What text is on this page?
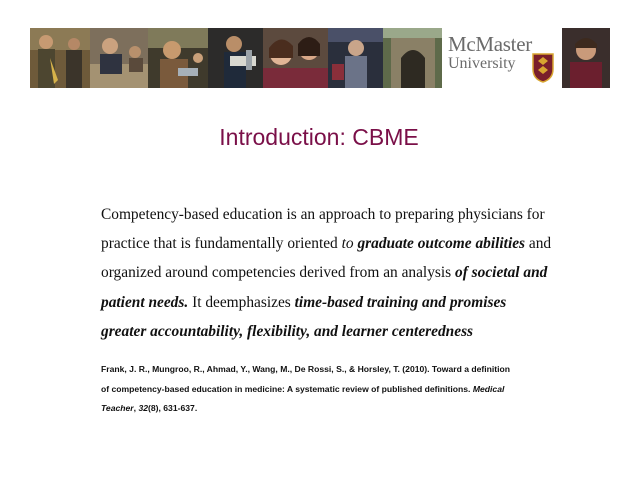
McMaster
University
Introduction: CBME
Competency-based education is an approach to preparing physicians for
practice that is fundamentally oriented to graduate outcome abilities and
organized around competencies derived from an analysis of societal and
patient needs. It deemphasizes time-based training and promises
greater accountability, flexibility, and learner centeredness
Frank, J. R., Mungroo, R., Ahmad, Y., Wang, M., De Rossi, S., & Horsley, T. (2010). Toward a definition
of competency-based education in medicine: A systematic review of published definitions. Medical
Teacher, 32(8), 631-637.
